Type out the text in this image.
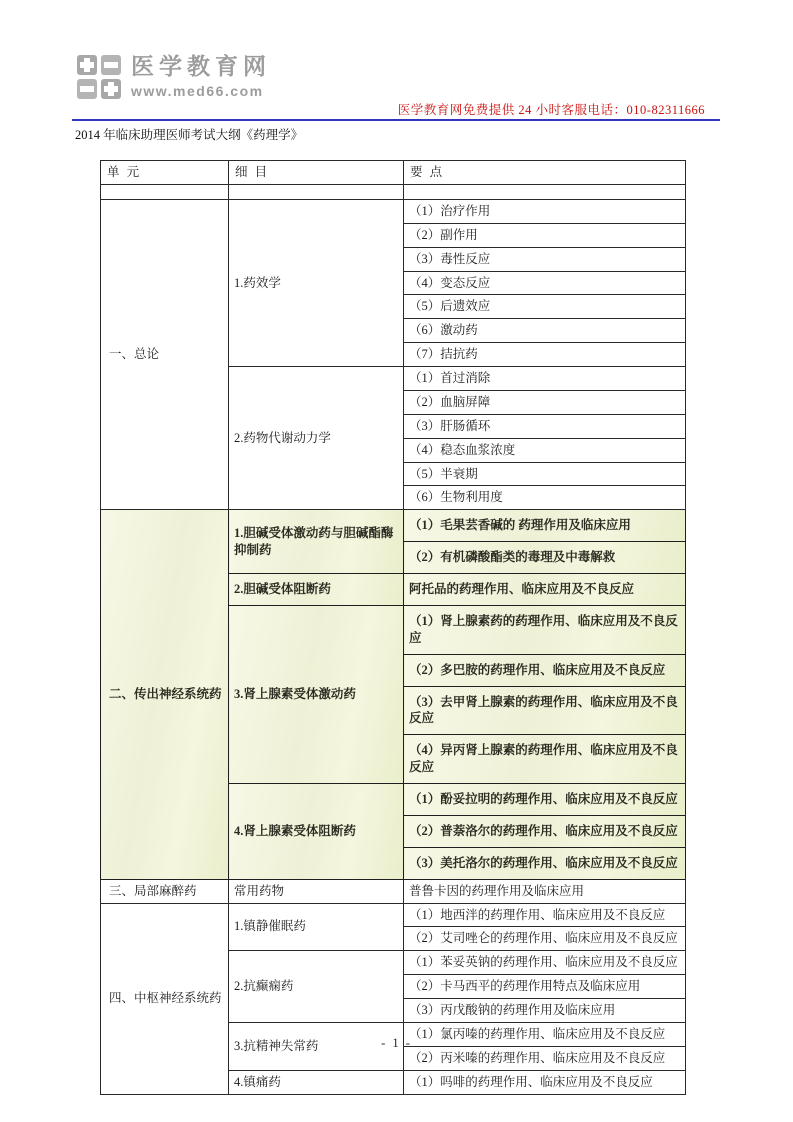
医学教育网
www.med66.com
医学教育网免费提供 24 小时客服电话：010-82311666
2014 年临床助理医师考试大纲《药理学》
单 元	细 目	要 点

一、总论	1.药效学	（1）治疗作用
		（2）副作用
		（3）毒性反应
		（4）变态反应
		（5）后遗效应
		（6）激动药
		（7）拮抗药
	2.药物代谢动力学	（1）首过消除
		（2）血脑屏障
		（3）肝肠循环
		（4）稳态血浆浓度
		（5）半衰期
		（6）生物利用度
二、传出神经系统药	1.胆碱受体激动药与胆碱酯酶抑制药	（1）毛果芸香碱的 药理作用及临床应用
		（2）有机磷酸酯类的毒理及中毒解救
	2.胆碱受体阻断药	阿托品的药理作用、临床应用及不良反应
	3.肾上腺素受体激动药	（1）肾上腺素药的药理作用、临床应用及不良反应
		（2）多巴胺的药理作用、临床应用及不良反应
		（3）去甲肾上腺素的药理作用、临床应用及不良反应
		（4）异丙肾上腺素的药理作用、临床应用及不良反应
	4.肾上腺素受体阻断药	（1）酚妥拉明的药理作用、临床应用及不良反应
		（2）普萘洛尔的药理作用、临床应用及不良反应
		（3）美托洛尔的药理作用、临床应用及不良反应
三、局部麻醉药	常用药物	普鲁卡因的药理作用及临床应用
四、中枢神经系统药	1.镇静催眠药	（1）地西泮的药理作用、临床应用及不良反应
		（2）艾司唑仑的药理作用、临床应用及不良反应
	2.抗癫痫药	（1）苯妥英钠的药理作用、临床应用及不良反应
		（2）卡马西平的药理作用特点及临床应用
		（3）丙戊酸钠的药理作用及临床应用
	3.抗精神失常药	（1）氯丙嗪的药理作用、临床应用及不良反应
		（2）丙米嗪的药理作用、临床应用及不良反应
	4.镇痛药	（1）吗啡的药理作用、临床应用及不良反应
- 1 -
